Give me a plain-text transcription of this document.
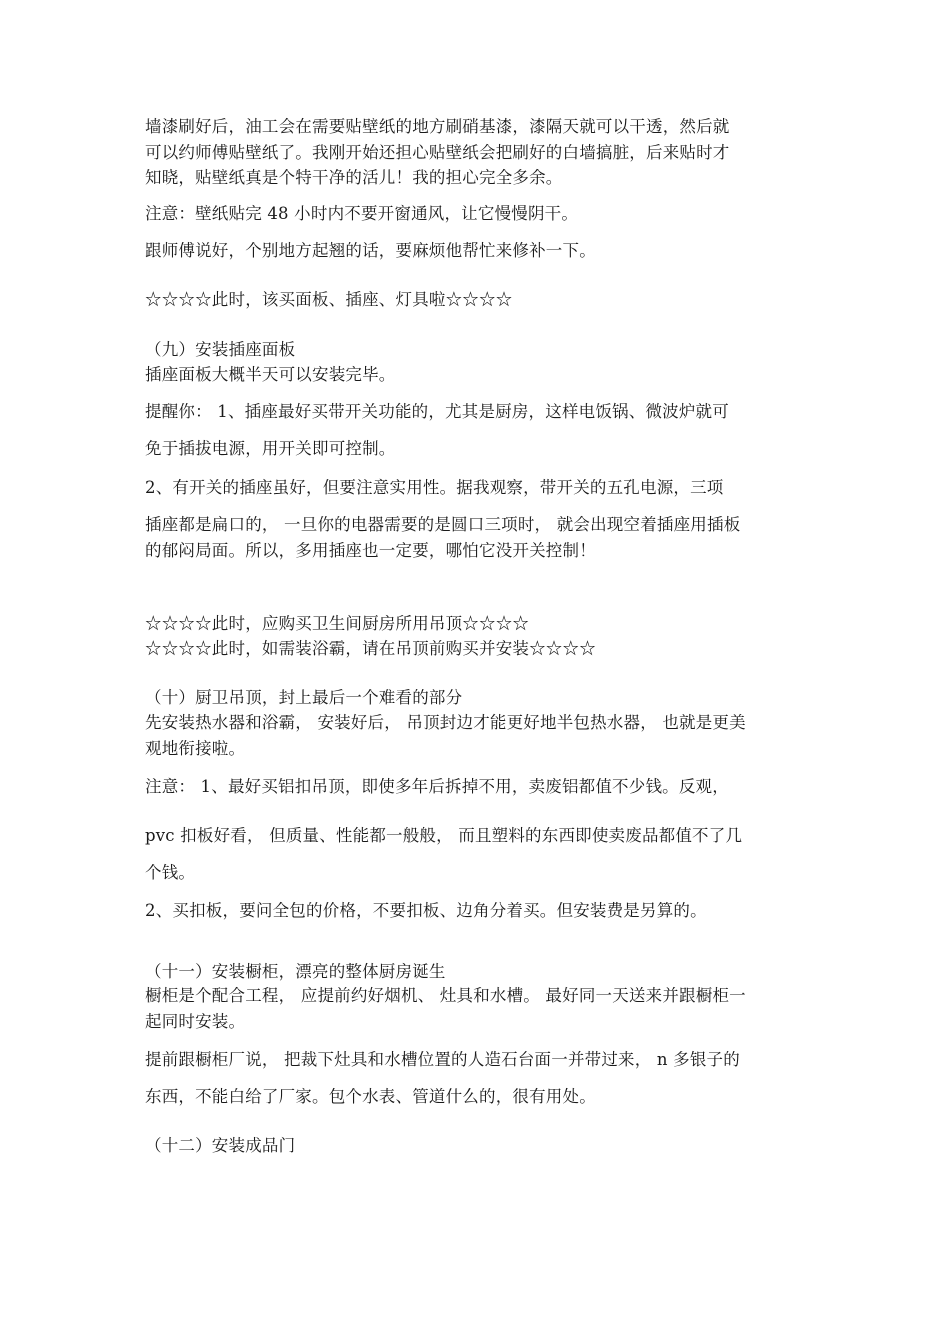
墙漆刷好后，油工会在需要贴壁纸的地方刷硝基漆，漆隔天就可以干透，然后就
可以约师傅贴壁纸了。我刚开始还担心贴壁纸会把刷好的白墙搞脏，后来贴时才
知晓，贴壁纸真是个特干净的活儿！我的担心完全多余。
注意：壁纸贴完 48 小时内不要开窗通风，让它慢慢阴干。
跟师傅说好，个别地方起翘的话，要麻烦他帮忙来修补一下。
☆☆☆☆此时，该买面板、插座、灯具啦☆☆☆☆
（九）安装插座面板
插座面板大概半天可以安装完毕。
提醒你： 1、插座最好买带开关功能的，尤其是厨房，这样电饭锅、微波炉就可
免于插拔电源，用开关即可控制。
2、有开关的插座虽好，但要注意实用性。据我观察，带开关的五孔电源，三项
插座都是扁口的， 一旦你的电器需要的是圆口三项时， 就会出现空着插座用插板
的郁闷局面。所以，多用插座也一定要，哪怕它没开关控制！
☆☆☆☆此时，应购买卫生间厨房所用吊顶☆☆☆☆
☆☆☆☆此时，如需装浴霸，请在吊顶前购买并安装☆☆☆☆
（十）厨卫吊顶，封上最后一个难看的部分
先安装热水器和浴霸， 安装好后， 吊顶封边才能更好地半包热水器， 也就是更美
观地衔接啦。
注意： 1、最好买铝扣吊顶，即使多年后拆掉不用，卖废铝都值不少钱。反观，
pvc 扣板好看， 但质量、性能都一般般， 而且塑料的东西即使卖废品都值不了几
个钱。
2、买扣板，要问全包的价格，不要扣板、边角分着买。但安装费是另算的。
（十一）安装橱柜，漂亮的整体厨房诞生
橱柜是个配合工程， 应提前约好烟机、 灶具和水槽。 最好同一天送来并跟橱柜一
起同时安装。
提前跟橱柜厂说， 把裁下灶具和水槽位置的人造石台面一并带过来， n 多银子的
东西，不能白给了厂家。包个水表、管道什么的，很有用处。
（十二）安装成品门
